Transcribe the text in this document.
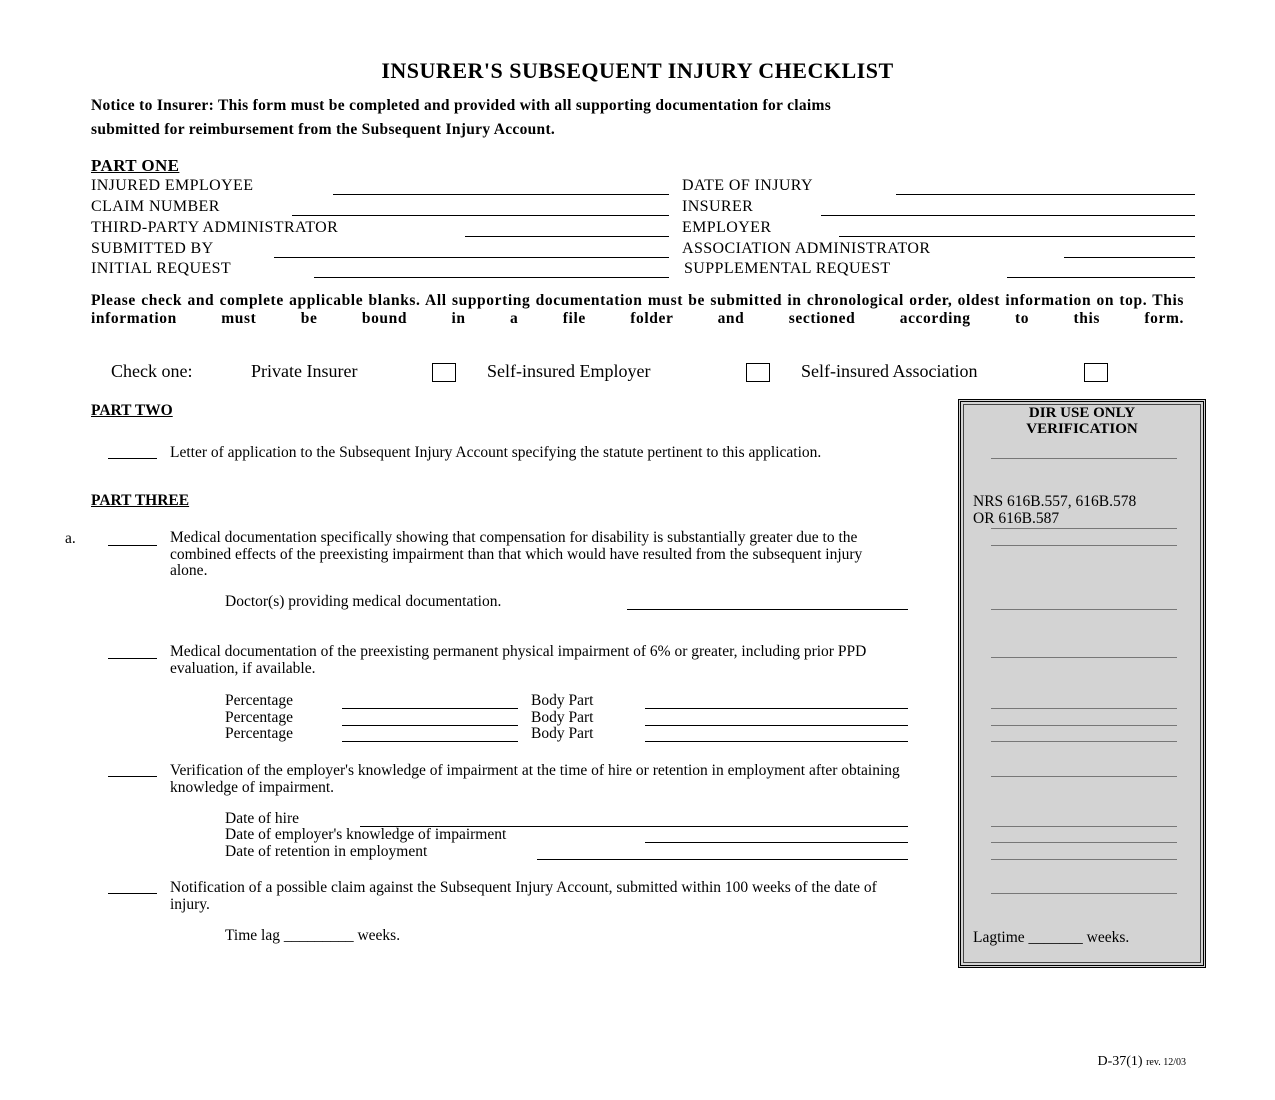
INSURER'S SUBSEQUENT INJURY CHECKLIST
Notice to Insurer: This form must be completed and provided with all supporting documentation for claims
submitted for reimbursement from the Subsequent Injury Account.
PART ONE
INJURED EMPLOYEE	DATE OF INJURY
CLAIM NUMBER	INSURER
THIRD-PARTY ADMINISTRATOR	EMPLOYER
SUBMITTED BY	ASSOCIATION ADMINISTRATOR
INITIAL REQUEST	SUPPLEMENTAL REQUEST
Please check and complete applicable blanks. All supporting documentation must be submitted in chronological order, oldest information on top. This information must be bound in a file folder and sectioned according to this form.
Check one:	Private Insurer	Self-insured Employer	Self-insured Association
PART TWO
Letter of application to the Subsequent Injury Account specifying the statute pertinent to this application.
PART THREE
a.	Medical documentation specifically showing that compensation for disability is substantially greater due to the combined effects of the preexisting impairment than that which would have resulted from the subsequent injury alone.
Doctor(s) providing medical documentation.
Medical documentation of the preexisting permanent physical impairment of 6% or greater, including prior PPD evaluation, if available.
Percentage	Body Part
Percentage	Body Part
Percentage	Body Part
Verification of the employer's knowledge of impairment at the time of hire or retention in employment after obtaining knowledge of impairment.
Date of hire
Date of employer's knowledge of impairment
Date of retention in employment
Notification of a possible claim against the Subsequent Injury Account, submitted within 100 weeks of the date of injury.
Time lag _________ weeks.
DIR USE ONLY
VERIFICATION
NRS 616B.557, 616B.578
OR 616B.587
Lagtime _______ weeks.
D-37(1) rev. 12/03
